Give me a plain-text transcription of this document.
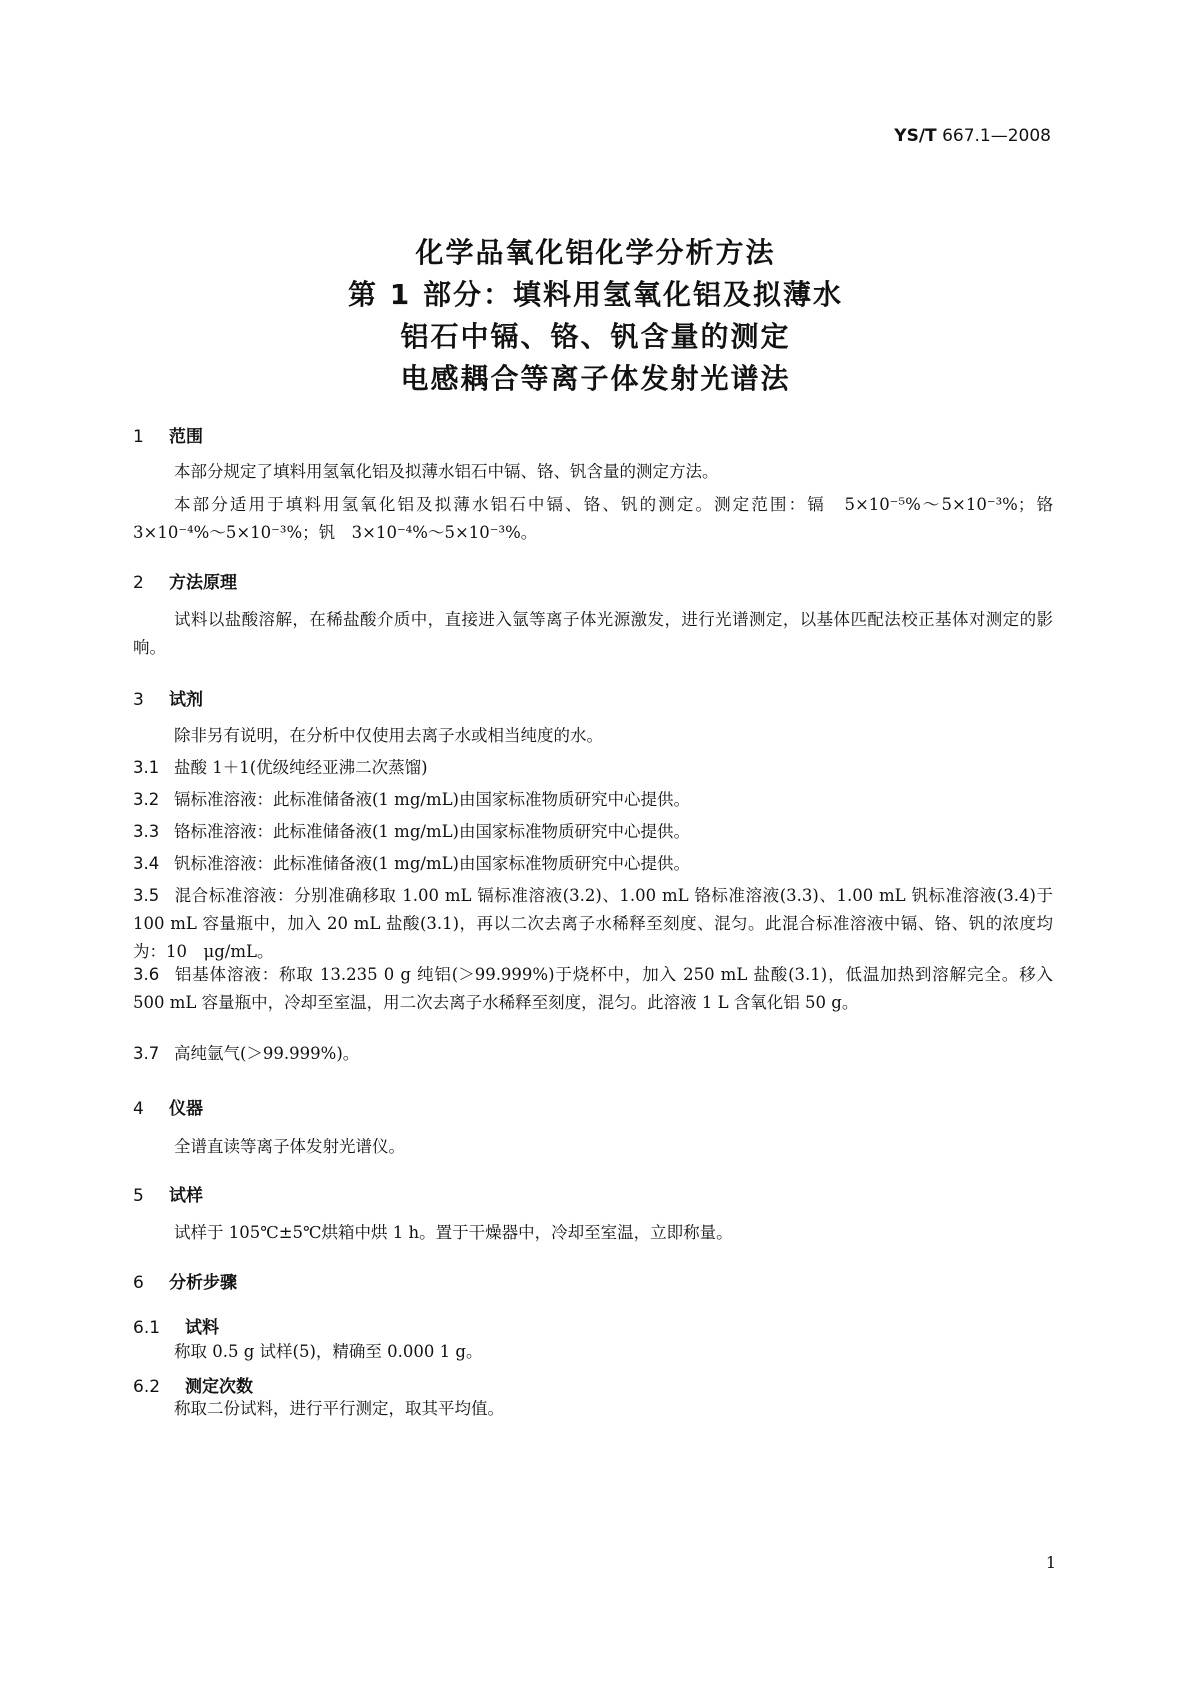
YS/T 667.1—2008
化学品氧化铝化学分析方法
第 1 部分：填料用氢氧化铝及拟薄水
铝石中镉、铬、钒含量的测定
电感耦合等离子体发射光谱法
1 范围
本部分规定了填料用氢氧化铝及拟薄水铝石中镉、铬、钒含量的测定方法。
本部分适用于填料用氢氧化铝及拟薄水铝石中镉、铬、钒的测定。测定范围：镉　5×10⁻⁵%～5×10⁻³%；铬　3×10⁻⁴%～5×10⁻³%；钒　3×10⁻⁴%～5×10⁻³%。
2 方法原理
试料以盐酸溶解，在稀盐酸介质中，直接进入氩等离子体光源激发，进行光谱测定，以基体匹配法校正基体对测定的影响。
3 试剂
除非另有说明，在分析中仅使用去离子水或相当纯度的水。
3.1 盐酸 1＋1(优级纯经亚沸二次蒸馏)
3.2 镉标准溶液：此标准储备液(1 mg/mL)由国家标准物质研究中心提供。
3.3 铬标准溶液：此标准储备液(1 mg/mL)由国家标准物质研究中心提供。
3.4 钒标准溶液：此标准储备液(1 mg/mL)由国家标准物质研究中心提供。
3.5 混合标准溶液：分别准确移取 1.00 mL 镉标准溶液(3.2)、1.00 mL 铬标准溶液(3.3)、1.00 mL 钒标准溶液(3.4)于 100 mL 容量瓶中，加入 20 mL 盐酸(3.1)，再以二次去离子水稀释至刻度、混匀。此混合标准溶液中镉、铬、钒的浓度均为：10　μg/mL。
3.6 铝基体溶液：称取 13.235 0 g 纯铝(＞99.999%)于烧杯中，加入 250 mL 盐酸(3.1)，低温加热到溶解完全。移入 500 mL 容量瓶中，冷却至室温，用二次去离子水稀释至刻度，混匀。此溶液 1 L 含氧化铝 50 g。
3.7 高纯氩气(＞99.999%)。
4 仪器
全谱直读等离子体发射光谱仪。
5 试样
试样于 105℃±5℃烘箱中烘 1 h。置于干燥器中，冷却至室温，立即称量。
6 分析步骤
6.1 试料
称取 0.5 g 试样(5)，精确至 0.000 1 g。
6.2 测定次数
称取二份试料，进行平行测定，取其平均值。
1
